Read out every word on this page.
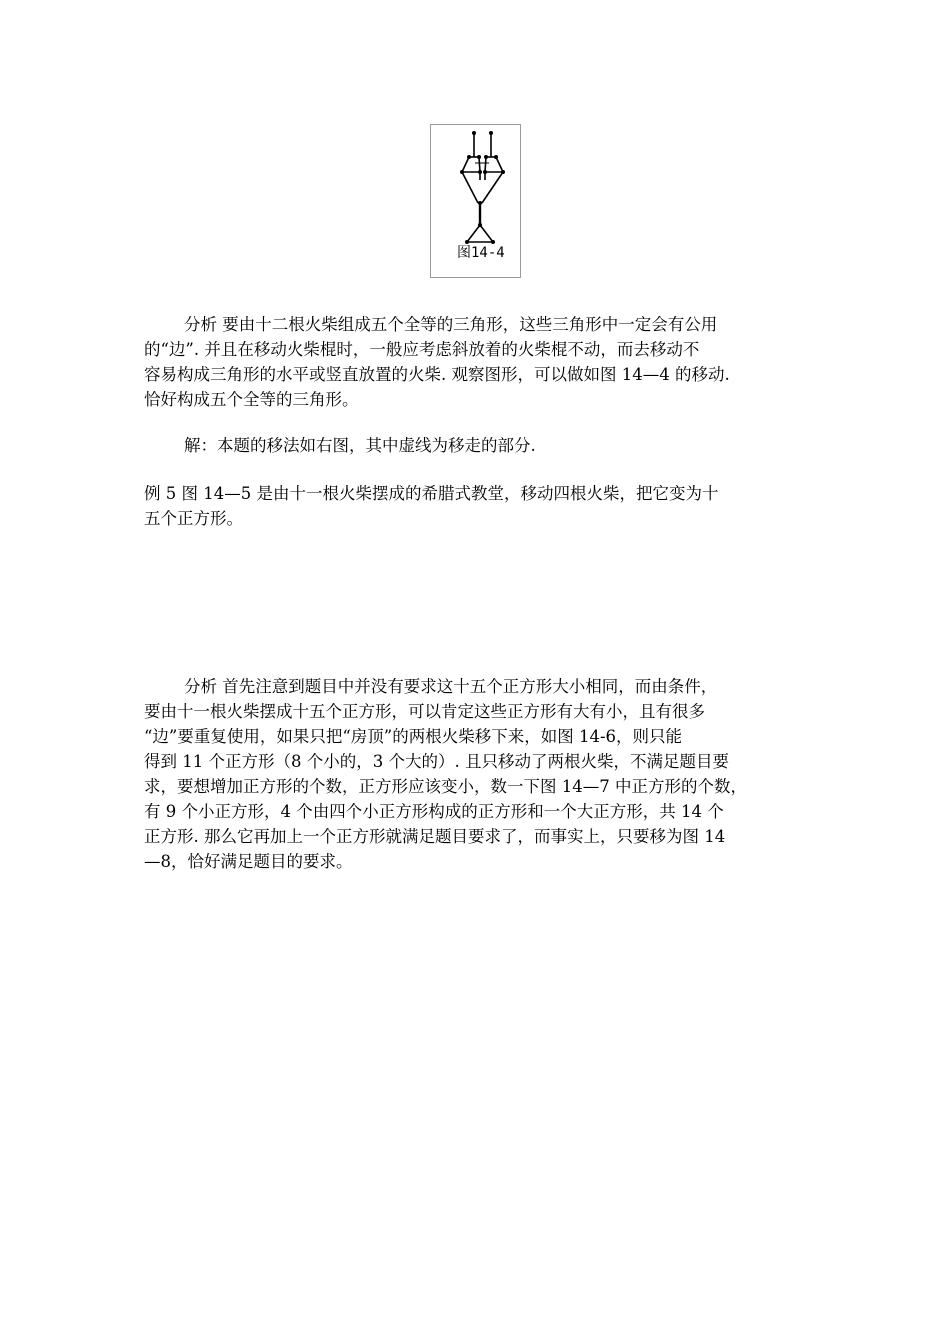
图14-4
分析 要由十二根火柴组成五个全等的三角形，这些三角形中一定会有公用
的“边”. 并且在移动火柴棍时，一般应考虑斜放着的火柴棍不动，而去移动不
容易构成三角形的水平或竖直放置的火柴. 观察图形，可以做如图 14—4 的移动.
恰好构成五个全等的三角形。
解：本题的移法如右图，其中虚线为移走的部分.
例 5 图 14—5 是由十一根火柴摆成的希腊式教堂，移动四根火柴，把它变为十
五个正方形。
分析 首先注意到题目中并没有要求这十五个正方形大小相同，而由条件，
要由十一根火柴摆成十五个正方形，可以肯定这些正方形有大有小，且有很多
“边”要重复使用，如果只把“房顶”的两根火柴移下来，如图 14-6，则只能
得到 11 个正方形（8 个小的，3 个大的）. 且只移动了两根火柴，不满足题目要
求，要想增加正方形的个数，正方形应该变小，数一下图 14—7 中正方形的个数，
有 9 个小正方形，4 个由四个小正方形构成的正方形和一个大正方形，共 14 个
正方形. 那么它再加上一个正方形就满足题目要求了，而事实上，只要移为图 14
—8，恰好满足题目的要求。
